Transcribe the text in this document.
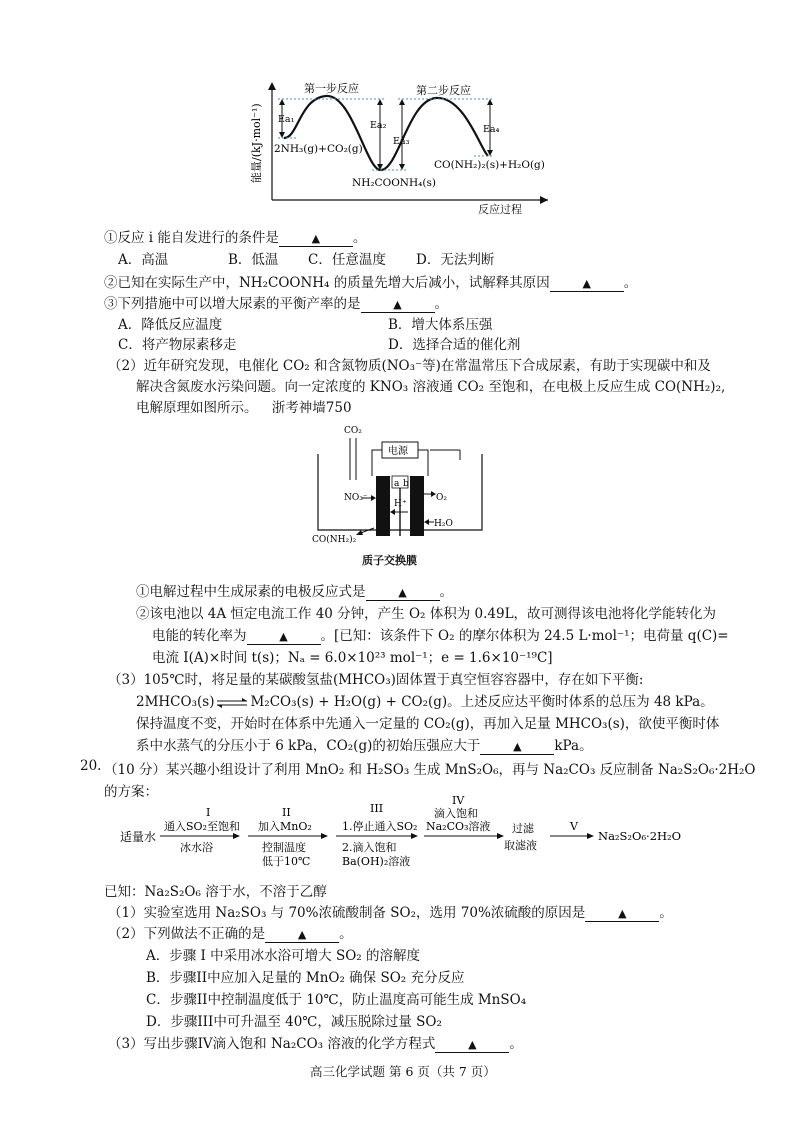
能量/(kJ·mol⁻¹)
第一步反应	第二步反应
Ea₁
Ea₂
Ea₃
Ea₄
2NH₃(g)+CO₂(g)
NH₂COONH₄(s)
CO(NH₂)₂(s)+H₂O(g)
反应过程
①反应 i 能自发进行的条件是	▲ 。
A．高温	B．低温 C．任意温度 D．无法判断
②已知在实际生产中，NH₂COONH₄ 的质量先增大后减小，试解释其原因	▲ 。
③下列措施中可以增大尿素的平衡产率的是	▲ 。
A．降低反应温度	B．增大体系压强
C．将产物尿素移走	D．选择合适的催化剂
（2）近年研究发现，电催化 CO₂ 和含氮物质(NO₃⁻等)在常温常压下合成尿素，有助于实现碳中和及
解决含氮废水污染问题。向一定浓度的 KNO₃ 溶液通 CO₂ 至饱和，在电极上反应生成 CO(NH₂)₂,
电解原理如图所示。 浙考神墙750
CO₂
电源
a b
H⁺
NO₃⁻
CO(NH₂)₂
O₂
H₂O
质子交换膜
①电解过程中生成尿素的电极反应式是	▲ 。
②该电池以 4A 恒定电流工作 40 分钟，产生 O₂ 体积为 0.49L，故可测得该电池将化学能转化为
电能的转化率为	▲ 。[已知：该条件下 O₂ 的摩尔体积为 24.5 L·mol⁻¹；电荷量 q(C)=
电流 I(A)×时间 t(s)；Nₐ = 6.0×10²³ mol⁻¹；e = 1.6×10⁻¹⁹C]
（3）105℃时，将足量的某碳酸氢盐(MHCO₃)固体置于真空恒容容器中，存在如下平衡:
2MHCO₃(s)⇌M₂CO₃(s) + H₂O(g) + CO₂(g)。上述反应达平衡时体系的总压为 48 kPa。
保持温度不变，开始时在体系中先通入一定量的 CO₂(g)，再加入足量 MHCO₃(s)，欲使平衡时体
系中水蒸气的分压小于 6 kPa，CO₂(g)的初始压强应大于	▲ kPa。
20. （10 分）某兴趣小组设计了利用 MnO₂ 和 H₂SO₃ 生成 MnS₂O₆，再与 Na₂CO₃ 反应制备 Na₂S₂O₆·2H₂O
的方案：
适量水
I
通入SO₂至饱和
冰水浴
II
加入MnO₂
控制温度
低于10℃
III
1.停止通入SO₂
2.滴入饱和
Ba(OH)₂溶液
IV
滴入饱和
Na₂CO₃溶液 过滤
取滤液
V
Na₂S₂O₆·2H₂O
已知：Na₂S₂O₆ 溶于水，不溶于乙醇
（1）实验室选用 Na₂SO₃ 与 70%浓硫酸制备 SO₂，选用 70%浓硫酸的原因是	▲ 。
（2）下列做法不正确的是	▲ 。
A．步骤 I 中采用冰水浴可增大 SO₂ 的溶解度
B．步骤II中应加入足量的 MnO₂ 确保 SO₂ 充分反应
C．步骤II中控制温度低于 10℃，防止温度高可能生成 MnSO₄
D．步骤III中可升温至 40℃，减压脱除过量 SO₂
（3）写出步骤IV滴入饱和 Na₂CO₃ 溶液的化学方程式	▲ 。
高三化学试题 第 6 页（共 7 页）
